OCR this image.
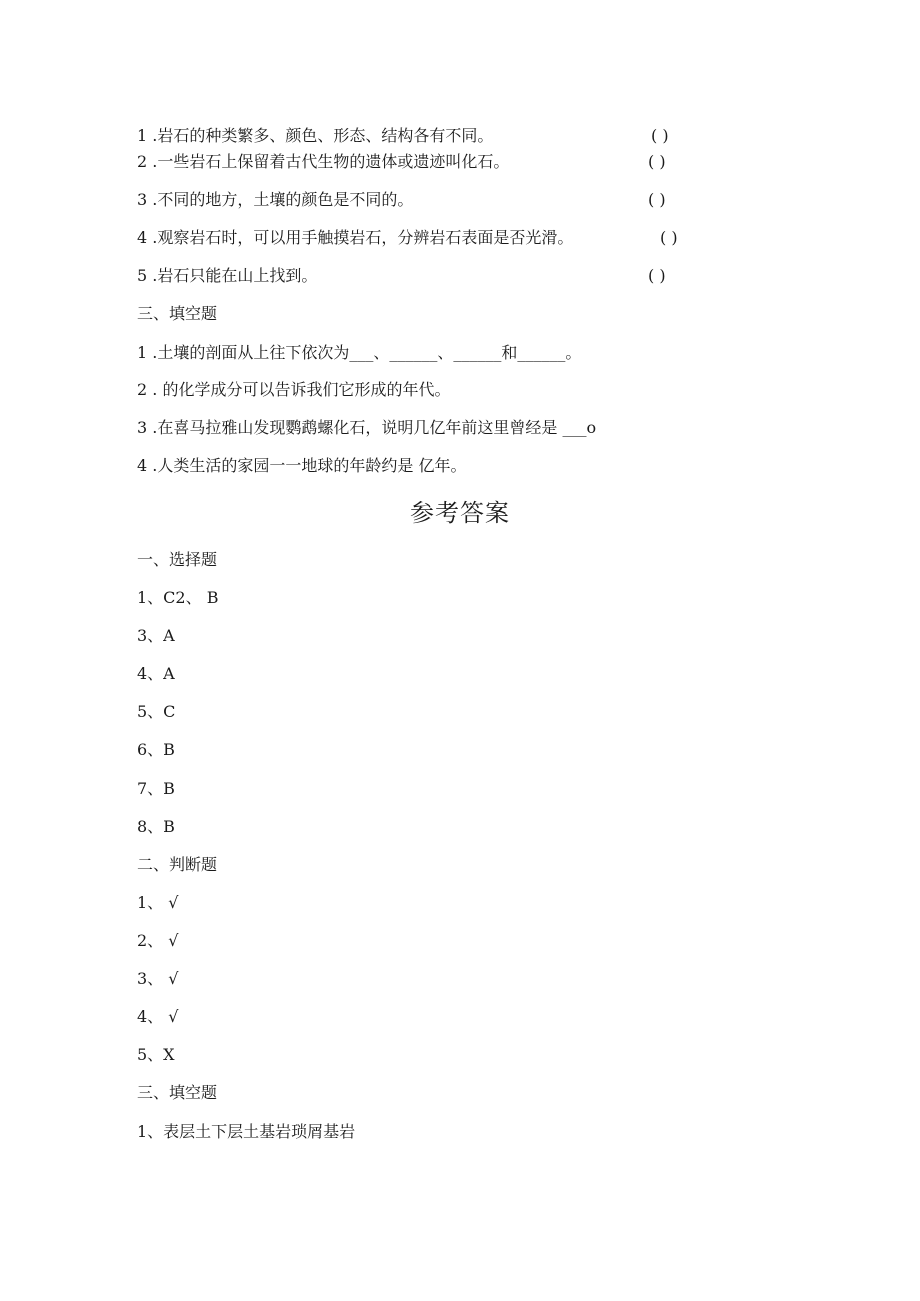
1 .岩石的种类繁多、颜色、形态、结构各有不同。	( )
2 .一些岩石上保留着古代生物的遗体或遗迹叫化石。	( )
3 .不同的地方，土壤的颜色是不同的。	( )
4 .观察岩石时，可以用手触摸岩石，分辨岩石表面是否光滑。	( )
5 .岩石只能在山上找到。	( )
三、填空题
1 .土壤的剖面从上往下依次为___、______、______和______。
2 . 的化学成分可以告诉我们它形成的年代。
3 .在喜马拉雅山发现鹦鹉螺化石，说明几亿年前这里曾经是 ___o
4 .人类生活的家园一一地球的年龄约是 亿年。
参考答案
一、选择题
1、C2、 B
3、A
4、A
5、C
6、B
7、B
8、B
二、判断题
1、 √
2、 √
3、 √
4、 √
5、X
三、填空题
1、表层土下层土基岩琐屑基岩
